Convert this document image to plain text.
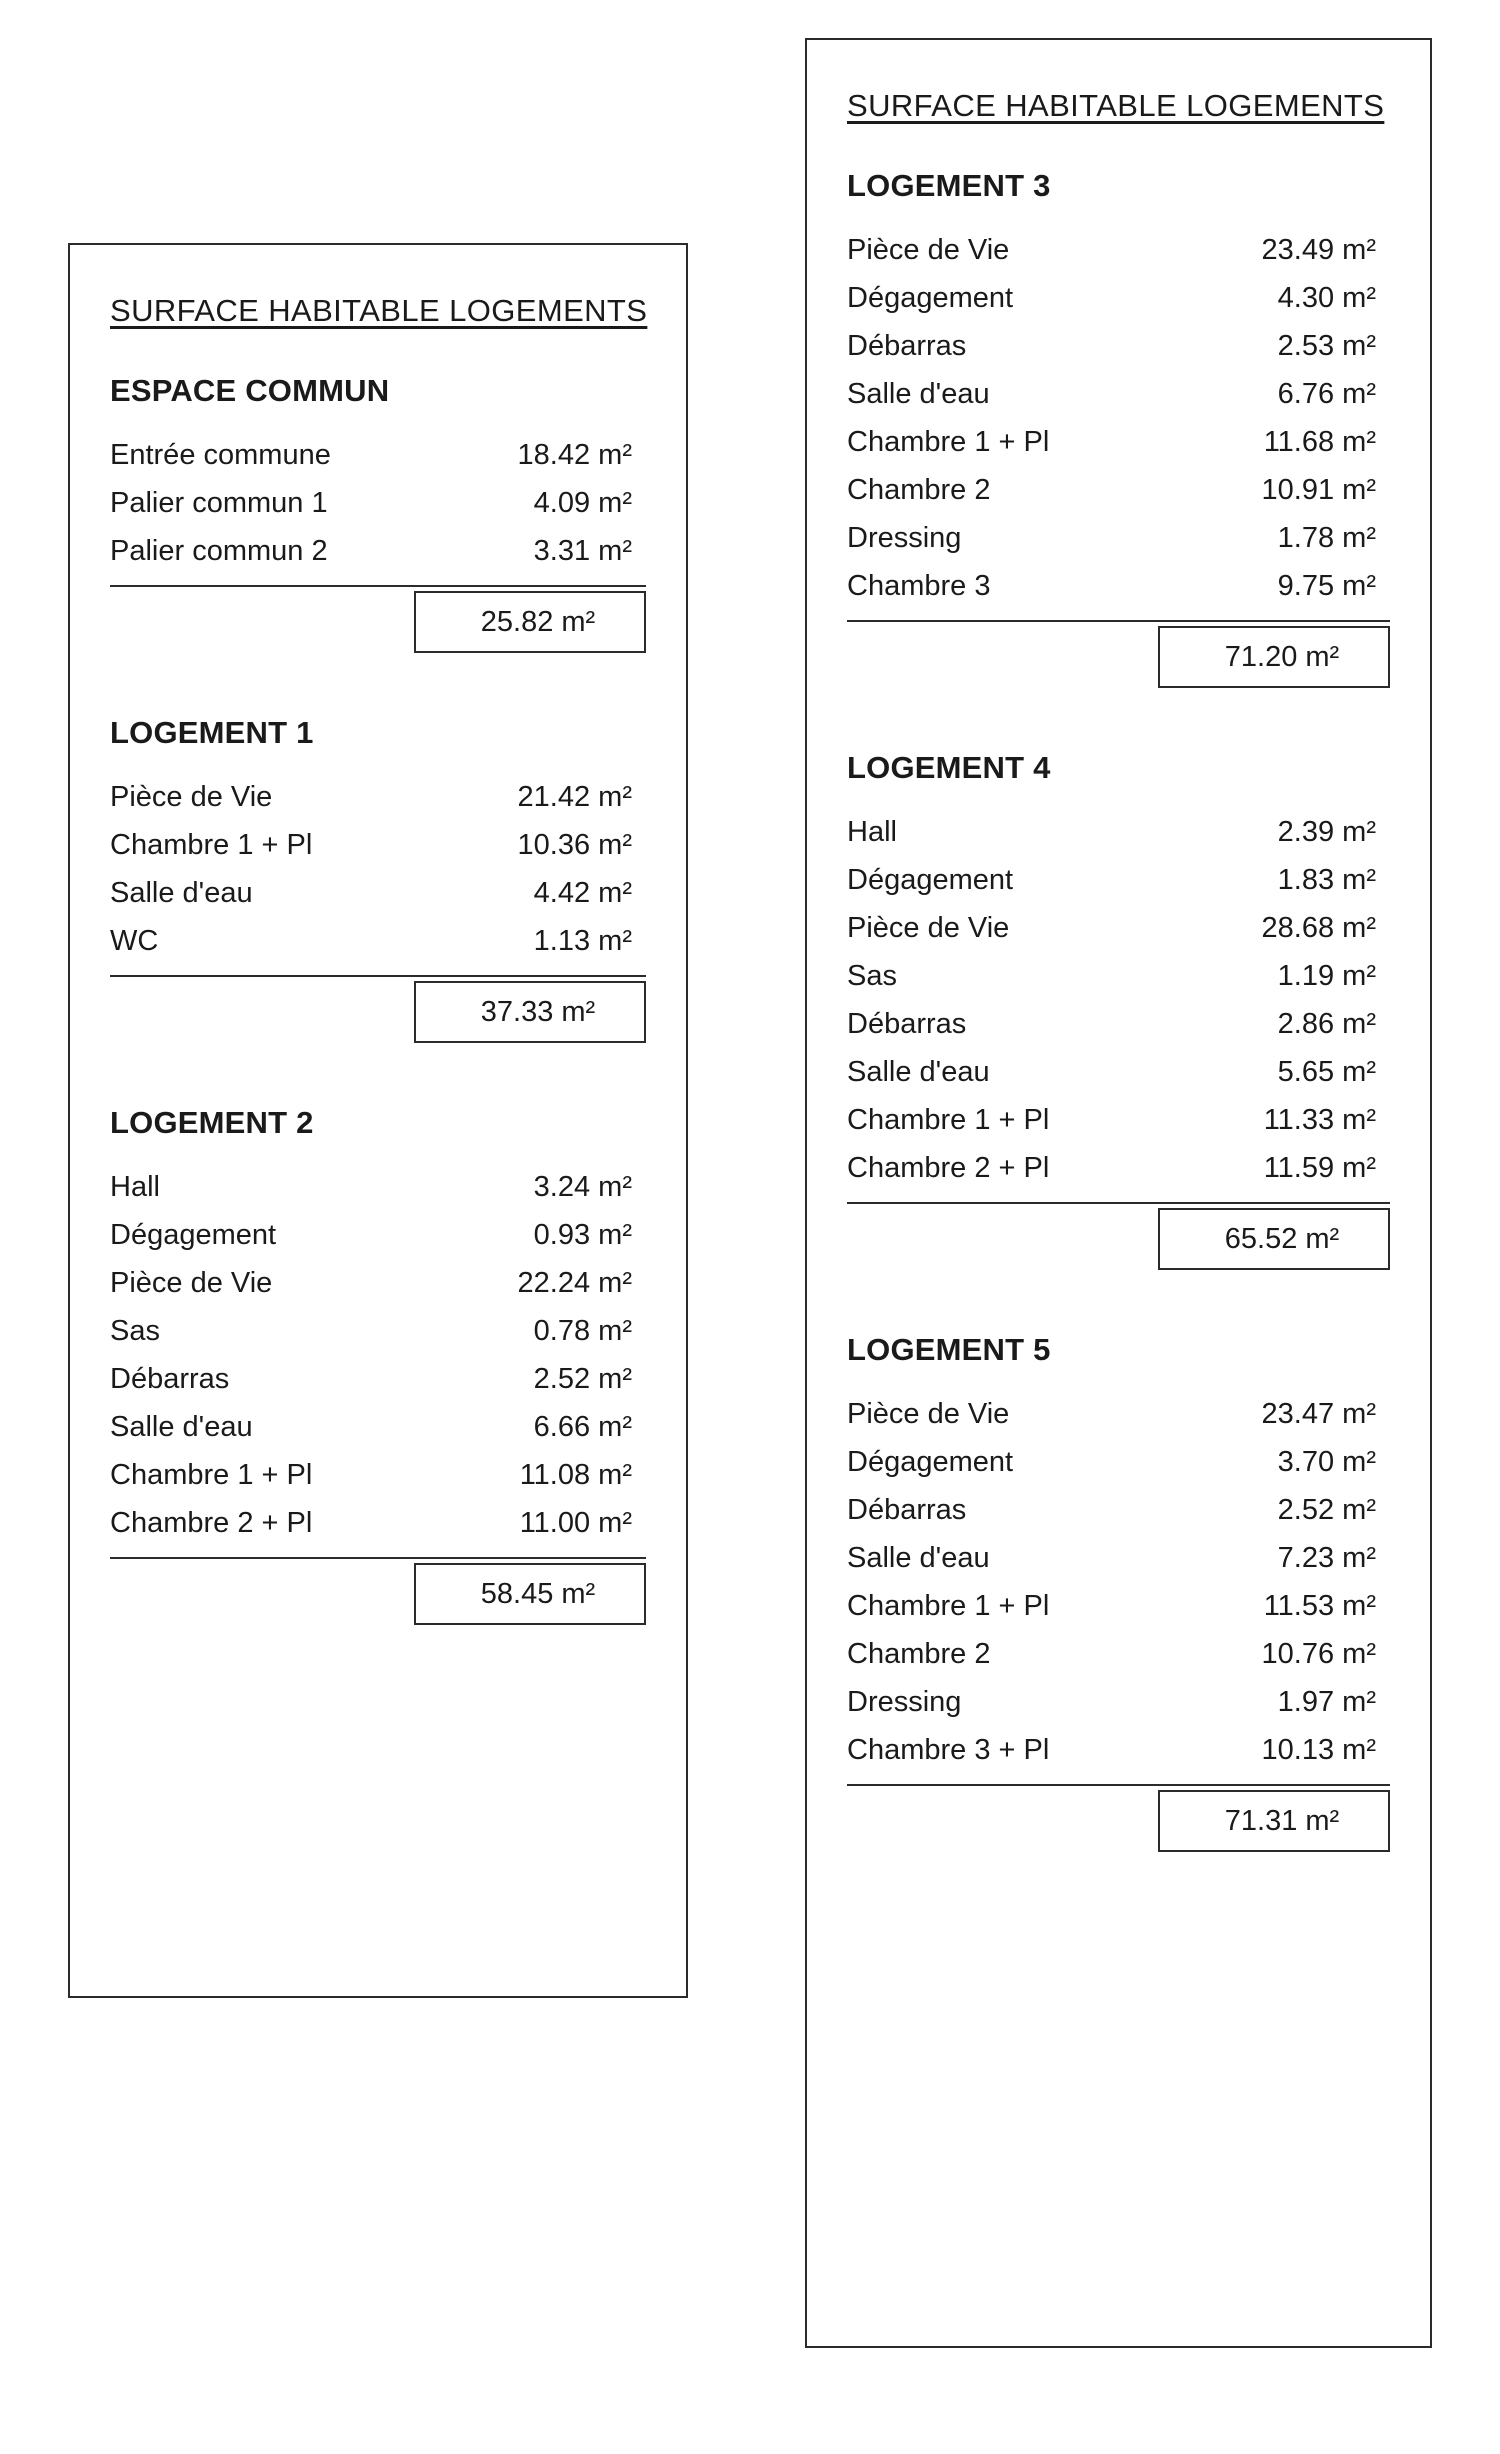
SURFACE HABITABLE LOGEMENTS
ESPACE COMMUN
Entrée commune	18.42 m²
Palier commun 1	4.09 m²
Palier commun 2	3.31 m²
25.82 m²
LOGEMENT 1
Pièce de Vie	21.42 m²
Chambre 1 + Pl	10.36 m²
Salle d'eau	4.42 m²
WC	1.13 m²
37.33 m²
LOGEMENT 2
Hall	3.24 m²
Dégagement	0.93 m²
Pièce de Vie	22.24 m²
Sas	0.78 m²
Débarras	2.52 m²
Salle d'eau	6.66 m²
Chambre 1 + Pl	11.08 m²
Chambre 2 + Pl	11.00 m²
58.45 m²
SURFACE HABITABLE LOGEMENTS
LOGEMENT 3
Pièce de Vie	23.49 m²
Dégagement	4.30 m²
Débarras	2.53 m²
Salle d'eau	6.76 m²
Chambre 1 + Pl	11.68 m²
Chambre 2	10.91 m²
Dressing	1.78 m²
Chambre 3	9.75 m²
71.20 m²
LOGEMENT 4
Hall	2.39 m²
Dégagement	1.83 m²
Pièce de Vie	28.68 m²
Sas	1.19 m²
Débarras	2.86 m²
Salle d'eau	5.65 m²
Chambre 1 + Pl	11.33 m²
Chambre 2 + Pl	11.59 m²
65.52 m²
LOGEMENT 5
Pièce de Vie	23.47 m²
Dégagement	3.70 m²
Débarras	2.52 m²
Salle d'eau	7.23 m²
Chambre 1 + Pl	11.53 m²
Chambre 2	10.76 m²
Dressing	1.97 m²
Chambre 3 + Pl	10.13 m²
71.31 m²
